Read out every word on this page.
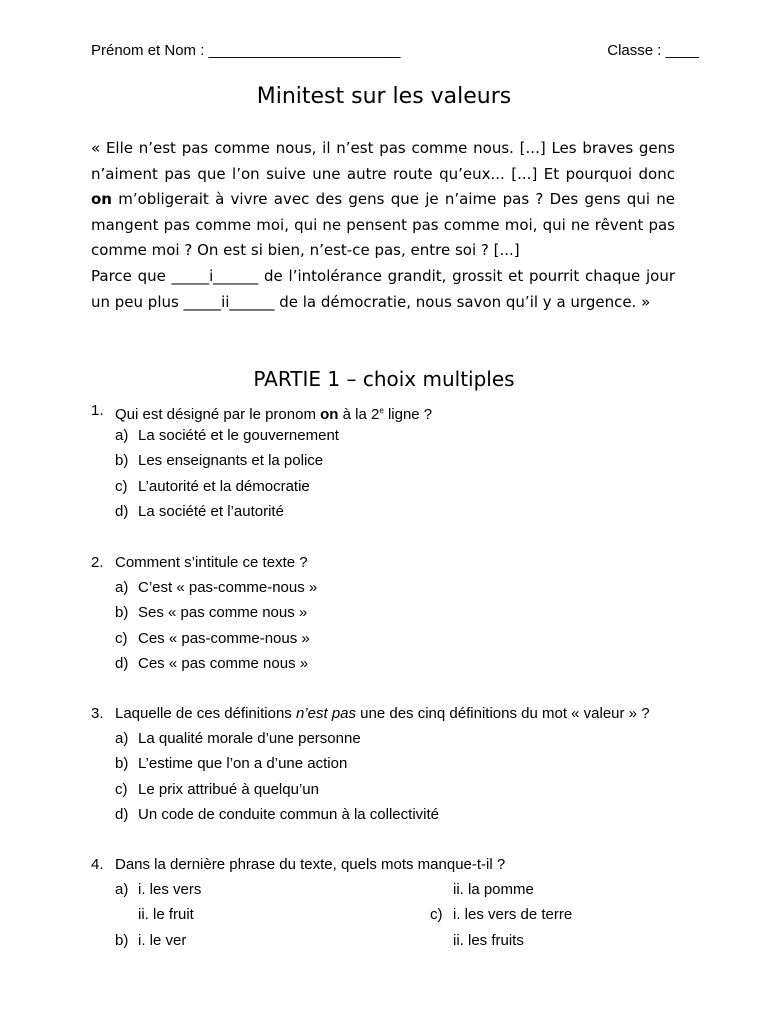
Prénom et Nom : _______________________	Classe : ____
Minitest sur les valeurs

« Elle n’est pas comme nous, il n’est pas comme nous. [...] Les braves gens n’aiment pas que l’on suive une autre route qu’eux... [...] Et pourquoi donc on m’obligerait à vivre avec des gens que je n’aime pas ? Des gens qui ne mangent pas comme moi, qui ne pensent pas comme moi, qui ne rêvent pas comme moi ? On est si bien, n’est-ce pas, entre soi ? [...]

Parce que _____i______ de l’intolérance grandit, grossit et pourrit chaque jour un peu plus _____ii______ de la démocratie, nous savon qu’il y a urgence. »

PARTIE 1 – choix multiples
1. Qui est désigné par le pronom on à la 2e ligne ?
a) La société et le gouvernement
b) Les enseignants et la police
c) L’autorité et la démocratie
d) La société et l’autorité
2. Comment s’intitule ce texte ?
a) C’est « pas-comme-nous »
b) Ses « pas comme nous »
c) Ces « pas-comme-nous »
d) Ces « pas comme nous »
3. Laquelle de ces définitions n’est pas une des cinq définitions du mot « valeur » ?
a) La qualité morale d’une personne
b) L’estime que l’on a d’une action
c) Le prix attribué à quelqu’un
d) Un code de conduite commun à la collectivité
4. Dans la dernière phrase du texte, quels mots manque-t-il ?
a) i. les vers	ii. la pomme
ii. le fruit	c) i. les vers de terre
b) i. le ver	ii. les fruits
